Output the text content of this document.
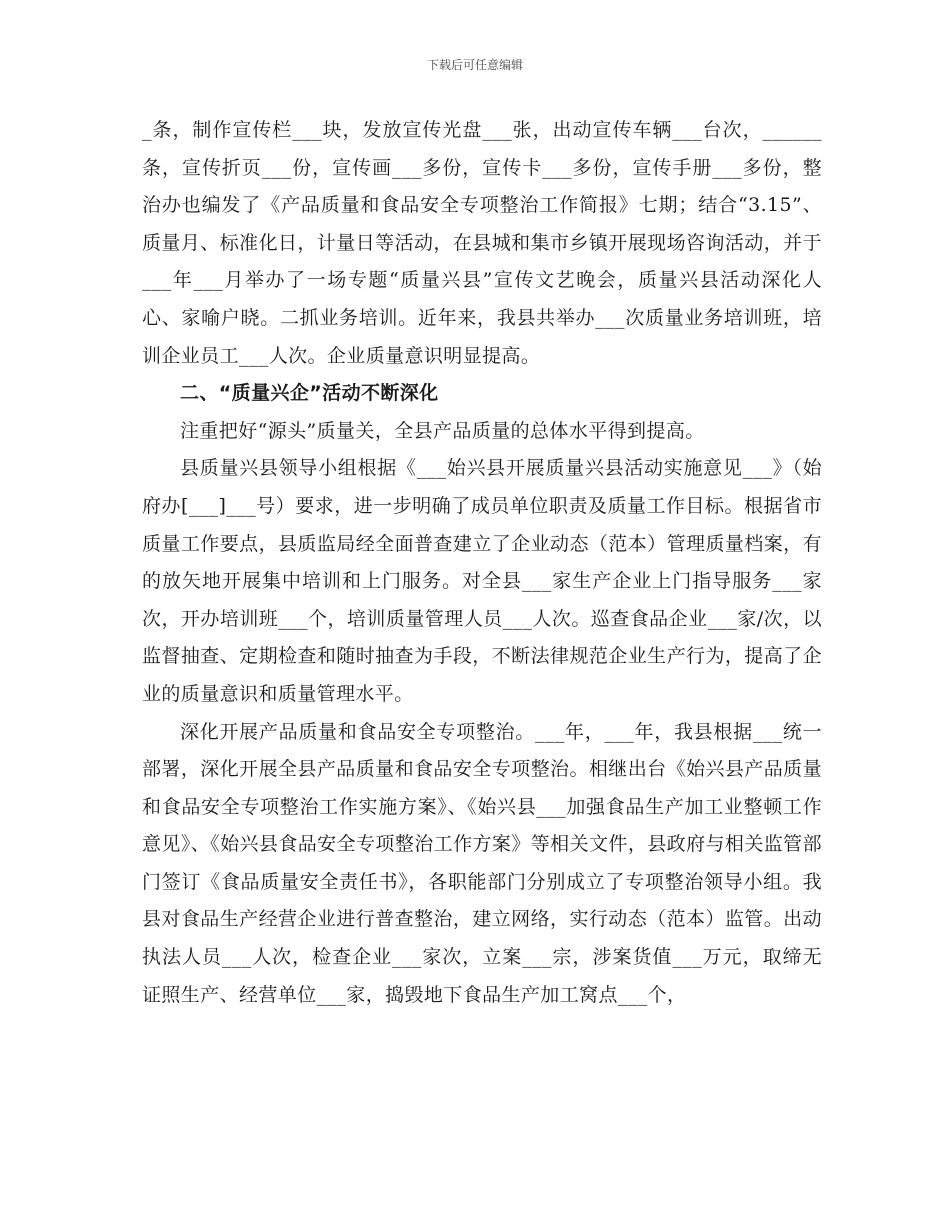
下载后可任意编辑

_条，制作宣传栏___块，发放宣传光盘___张，出动宣传车辆___台次，______条，宣传折页___份，宣传画___多份，宣传卡___多份，宣传手册___多份，整治办也编发了《产品质量和食品安全专项整治工作简报》七期；结合“3.15”、质量月、标准化日，计量日等活动，在县城和集市乡镇开展现场咨询活动，并于___年___月举办了一场专题“质量兴县”宣传文艺晚会，质量兴县活动深化人心、家喻户晓。二抓业务培训。近年来，我县共举办___次质量业务培训班，培训企业员工___人次。企业质量意识明显提高。

二、“质量兴企”活动不断深化

注重把好“源头”质量关，全县产品质量的总体水平得到提高。

县质量兴县领导小组根据《___始兴县开展质量兴县活动实施意见___》（始府办[___]___号）要求，进一步明确了成员单位职责及质量工作目标。根据省市质量工作要点，县质监局经全面普查建立了企业动态（范本）管理质量档案，有的放矢地开展集中培训和上门服务。对全县___家生产企业上门指导服务___家次，开办培训班___个，培训质量管理人员___人次。巡查食品企业___家/次，以监督抽查、定期检查和随时抽查为手段，不断法律规范企业生产行为，提高了企业的质量意识和质量管理水平。

深化开展产品质量和食品安全专项整治。___年，___年，我县根据___统一部署，深化开展全县产品质量和食品安全专项整治。相继出台《始兴县产品质量和食品安全专项整治工作实施方案》、《始兴县___加强食品生产加工业整顿工作意见》、《始兴县食品安全专项整治工作方案》等相关文件，县政府与相关监管部门签订《食品质量安全责任书》，各职能部门分别成立了专项整治领导小组。我县对食品生产经营企业进行普查整治，建立网络，实行动态（范本）监管。出动执法人员___人次，检查企业___家次，立案___宗，涉案货值___万元，取缔无证照生产、经营单位___家，捣毁地下食品生产加工窝点___个，
